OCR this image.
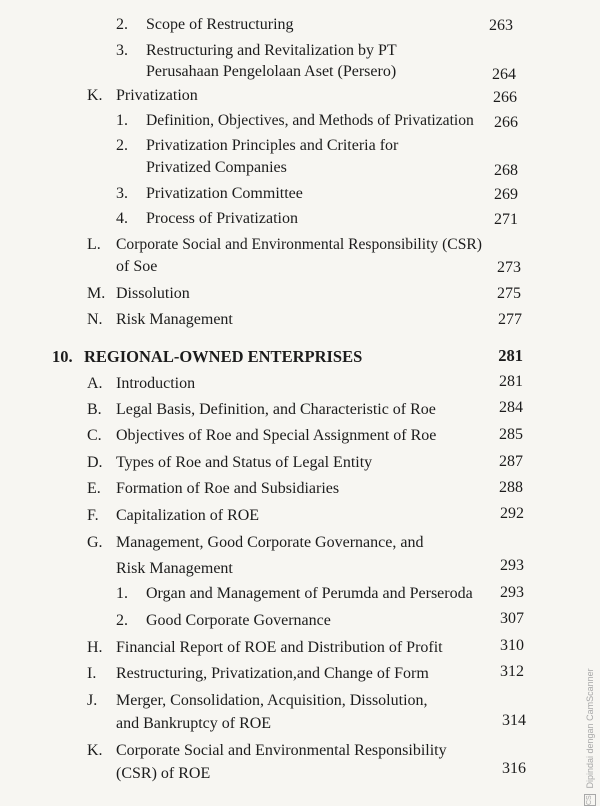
2. Scope of Restructuring	263
3. Restructuring and Revitalization by PT
Perusahaan Pengelolaan Aset (Persero)	264
K. Privatization	266
1. Definition, Objectives, and Methods of Privatization	266
2. Privatization Principles and Criteria for
Privatized Companies	268
3. Privatization Committee	269
4. Process of Privatization	271
L. Corporate Social and Environmental Responsibility (CSR)
of Soe	273
M. Dissolution	275
N. Risk Management	277
10. REGIONAL-OWNED ENTERPRISES	281
A. Introduction	281
B. Legal Basis, Definition, and Characteristic of Roe	284
C. Objectives of Roe and Special Assignment of Roe	285
D. Types of Roe and Status of Legal Entity	287
E. Formation of Roe and Subsidiaries	288
F. Capitalization of ROE	292
G. Management, Good Corporate Governance, and
Risk Management	293
1. Organ and Management of Perumda and Perseroda	293
2. Good Corporate Governance	307
H. Financial Report of ROE and Distribution of Profit	310
I. Restructuring, Privatization,and Change of Form	312
J. Merger, Consolidation, Acquisition, Dissolution,
and Bankruptcy of ROE	314
K. Corporate Social and Environmental Responsibility
(CSR) of ROE	316
CS Dipindai dengan CamScanner
